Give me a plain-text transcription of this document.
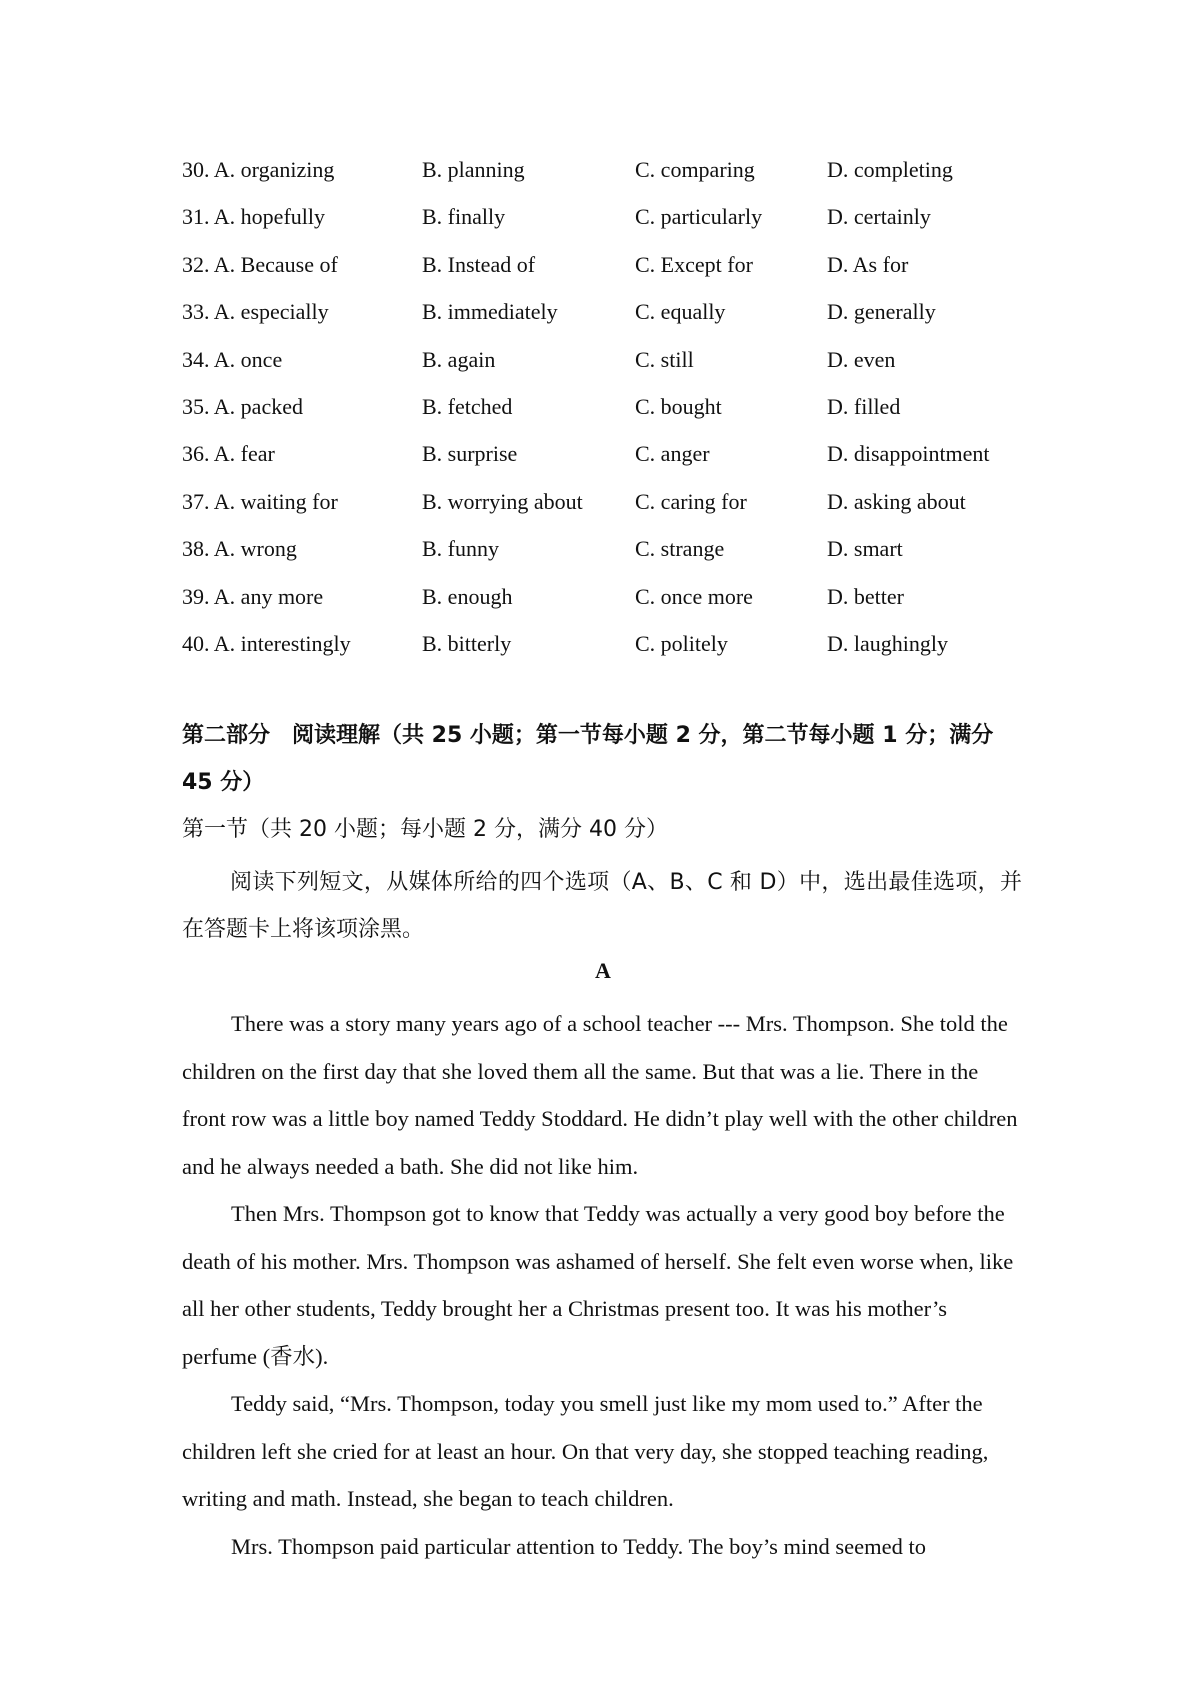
30. A. organizing	B. planning	C. comparing	D. completing
31. A. hopefully	B. finally	C. particularly	D. certainly
32. A. Because of	B. Instead of	C. Except for	D. As for
33. A. especially	B. immediately	C. equally	D. generally
34. A. once	B. again	C. still	D. even
35. A. packed	B. fetched	C. bought	D. filled
36. A. fear	B. surprise	C. anger	D. disappointment
37. A. waiting for	B. worrying about C. caring for	D. asking about
38. A. wrong	B. funny	C. strange	D. smart
39. A. any more	B. enough	C. once more	D. better
40. A. interestingly	B. bitterly	C. politely	D. laughingly
第二部分　阅读理解（共 25 小题；第一节每小题 2 分，第二节每小题 1 分；满分 45 分）
第一节（共 20 小题；每小题 2 分，满分 40 分）
阅读下列短文，从媒体所给的四个选项（A、B、C 和 D）中，选出最佳选项，并在答题卡上将该项涂黑。
A

There was a story many years ago of a school teacher --- Mrs. Thompson. She told the children on the first day that she loved them all the same. But that was a lie. There in the front row was a little boy named Teddy Stoddard. He didn’t play well with the other children and he always needed a bath. She did not like him.

Then Mrs. Thompson got to know that Teddy was actually a very good boy before the death of his mother. Mrs. Thompson was ashamed of herself. She felt even worse when, like all her other students, Teddy brought her a Christmas present too. It was his mother’s perfume (香水).

Teddy said, “Mrs. Thompson, today you smell just like my mom used to.” After the children left she cried for at least an hour. On that very day, she stopped teaching reading, writing and math. Instead, she began to teach children.

Mrs. Thompson paid particular attention to Teddy. The boy’s mind seemed to
